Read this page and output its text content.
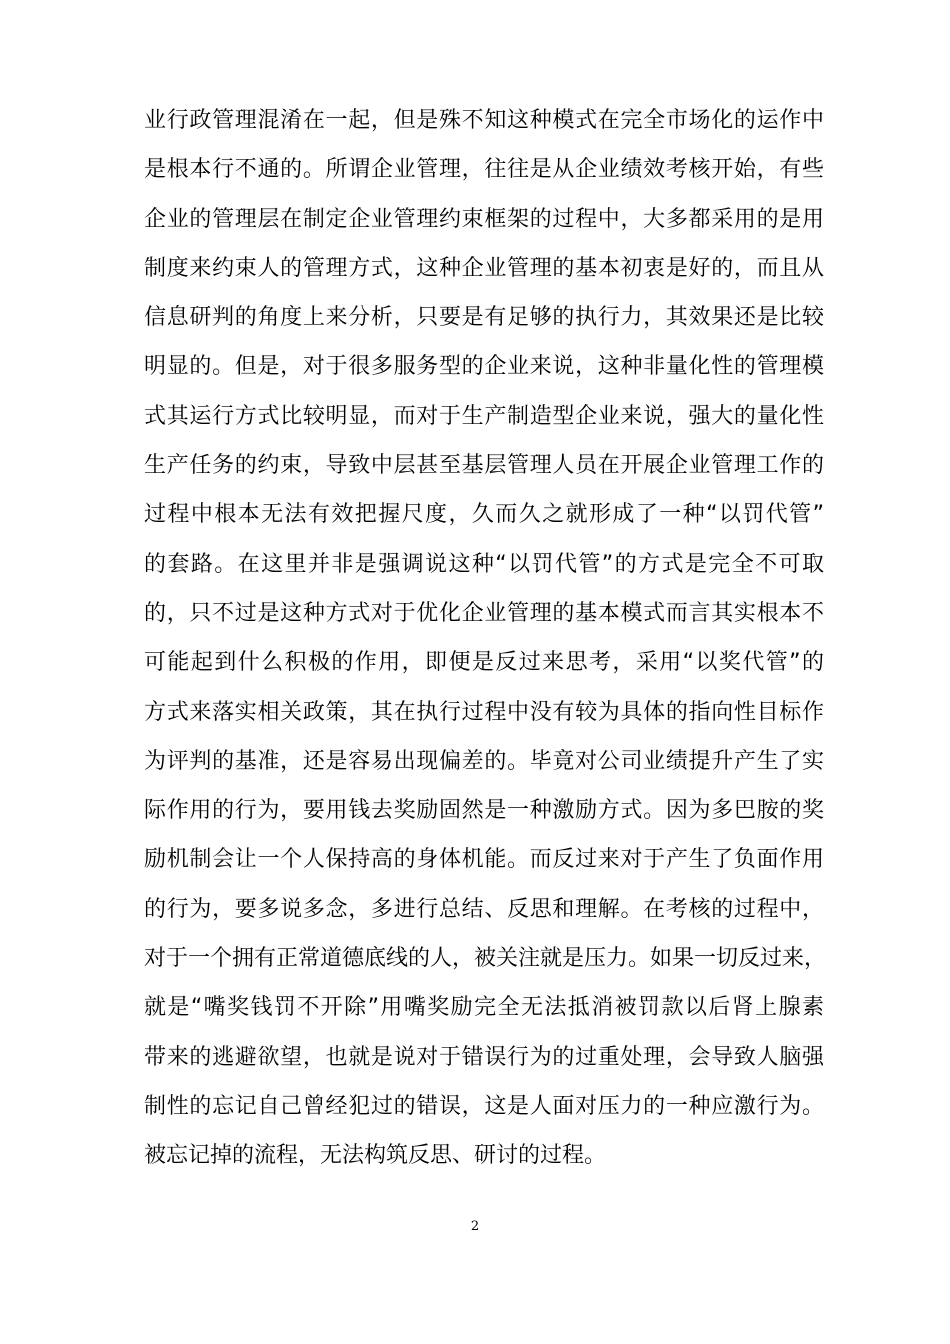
业行政管理混淆在一起，但是殊不知这种模式在完全市场化的运作中
是根本行不通的。所谓企业管理，往往是从企业绩效考核开始，有些
企业的管理层在制定企业管理约束框架的过程中，大多都采用的是用
制度来约束人的管理方式，这种企业管理的基本初衷是好的，而且从
信息研判的角度上来分析，只要是有足够的执行力，其效果还是比较
明显的。但是，对于很多服务型的企业来说，这种非量化性的管理模
式其运行方式比较明显，而对于生产制造型企业来说，强大的量化性
生产任务的约束，导致中层甚至基层管理人员在开展企业管理工作的
过程中根本无法有效把握尺度，久而久之就形成了一种“以罚代管”
的套路。在这里并非是强调说这种“以罚代管”的方式是完全不可取
的，只不过是这种方式对于优化企业管理的基本模式而言其实根本不
可能起到什么积极的作用，即便是反过来思考，采用“以奖代管”的
方式来落实相关政策，其在执行过程中没有较为具体的指向性目标作
为评判的基准，还是容易出现偏差的。毕竟对公司业绩提升产生了实
际作用的行为，要用钱去奖励固然是一种激励方式。因为多巴胺的奖
励机制会让一个人保持高的身体机能。而反过来对于产生了负面作用
的行为，要多说多念，多进行总结、反思和理解。在考核的过程中，
对于一个拥有正常道德底线的人，被关注就是压力。如果一切反过来，
就是“嘴奖钱罚不开除”用嘴奖励完全无法抵消被罚款以后肾上腺素
带来的逃避欲望，也就是说对于错误行为的过重处理，会导致人脑强
制性的忘记自己曾经犯过的错误，这是人面对压力的一种应激行为。
被忘记掉的流程，无法构筑反思、研讨的过程。
2
